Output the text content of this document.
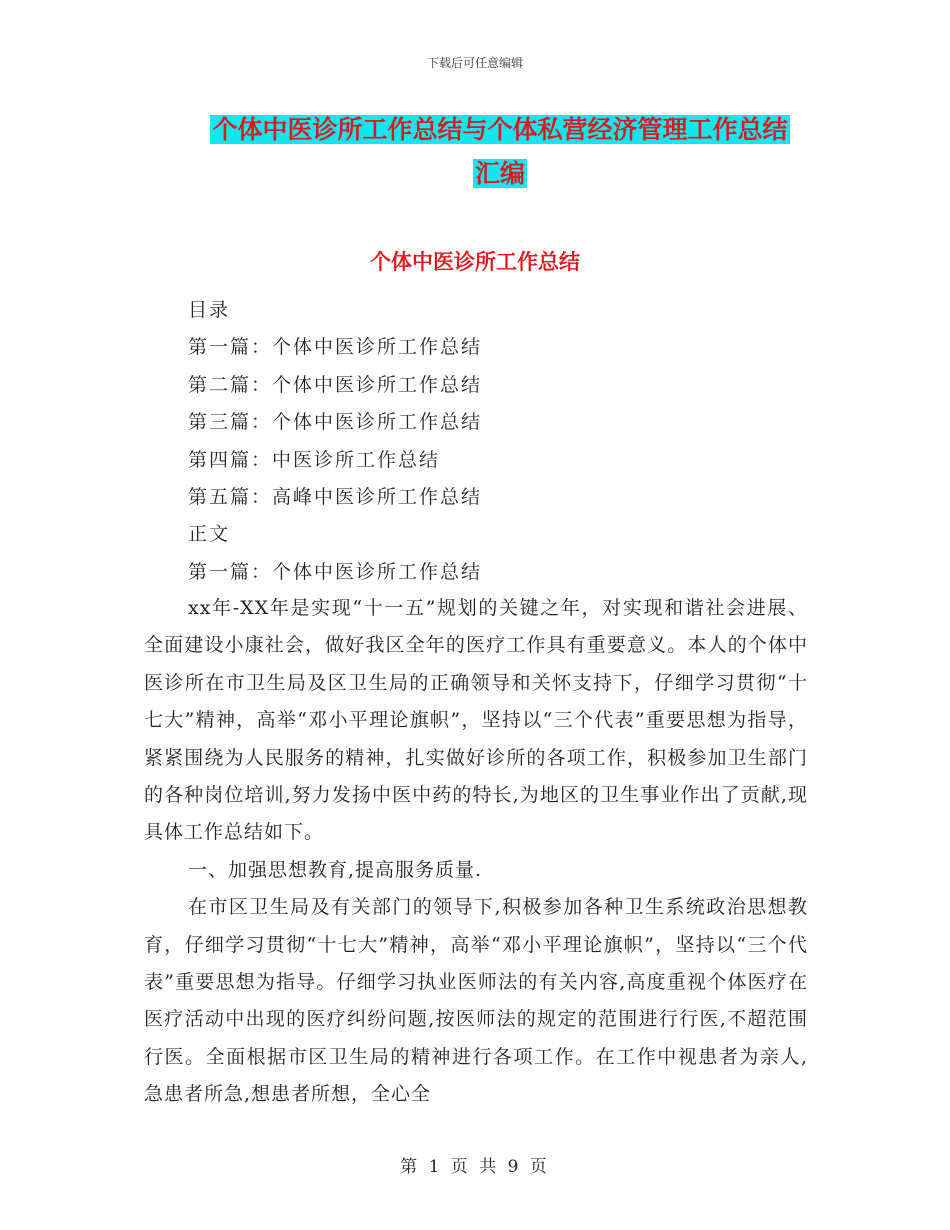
下载后可任意编辑
个体中医诊所工作总结与个体私营经济管理工作总结
汇编
个体中医诊所工作总结
目录
第一篇：个体中医诊所工作总结
第二篇：个体中医诊所工作总结
第三篇：个体中医诊所工作总结
第四篇：中医诊所工作总结
第五篇：高峰中医诊所工作总结
正文
第一篇：个体中医诊所工作总结

xx年-XX年是实现“十一五”规划的关键之年，对实现和谐社会进展、全面建设小康社会，做好我区全年的医疗工作具有重要意义。本人的个体中医诊所在市卫生局及区卫生局的正确领导和关怀支持下，仔细学习贯彻“十七大”精神，高举“邓小平理论旗帜”，坚持以“三个代表”重要思想为指导，紧紧围绕为人民服务的精神，扎实做好诊所的各项工作，积极参加卫生部门的各种岗位培训,努力发扬中医中药的特长,为地区的卫生事业作出了贡献,现具体工作总结如下。

一、加强思想教育,提高服务质量.

在市区卫生局及有关部门的领导下,积极参加各种卫生系统政治思想教育，仔细学习贯彻“十七大”精神，高举“邓小平理论旗帜”，坚持以“三个代表”重要思想为指导。仔细学习执业医师法的有关内容,高度重视个体医疗在医疗活动中出现的医疗纠纷问题,按医师法的规定的范围进行行医,不超范围行医。全面根据市区卫生局的精神进行各项工作。在工作中视患者为亲人,急患者所急,想患者所想，全心全

第 1 页 共 9 页
